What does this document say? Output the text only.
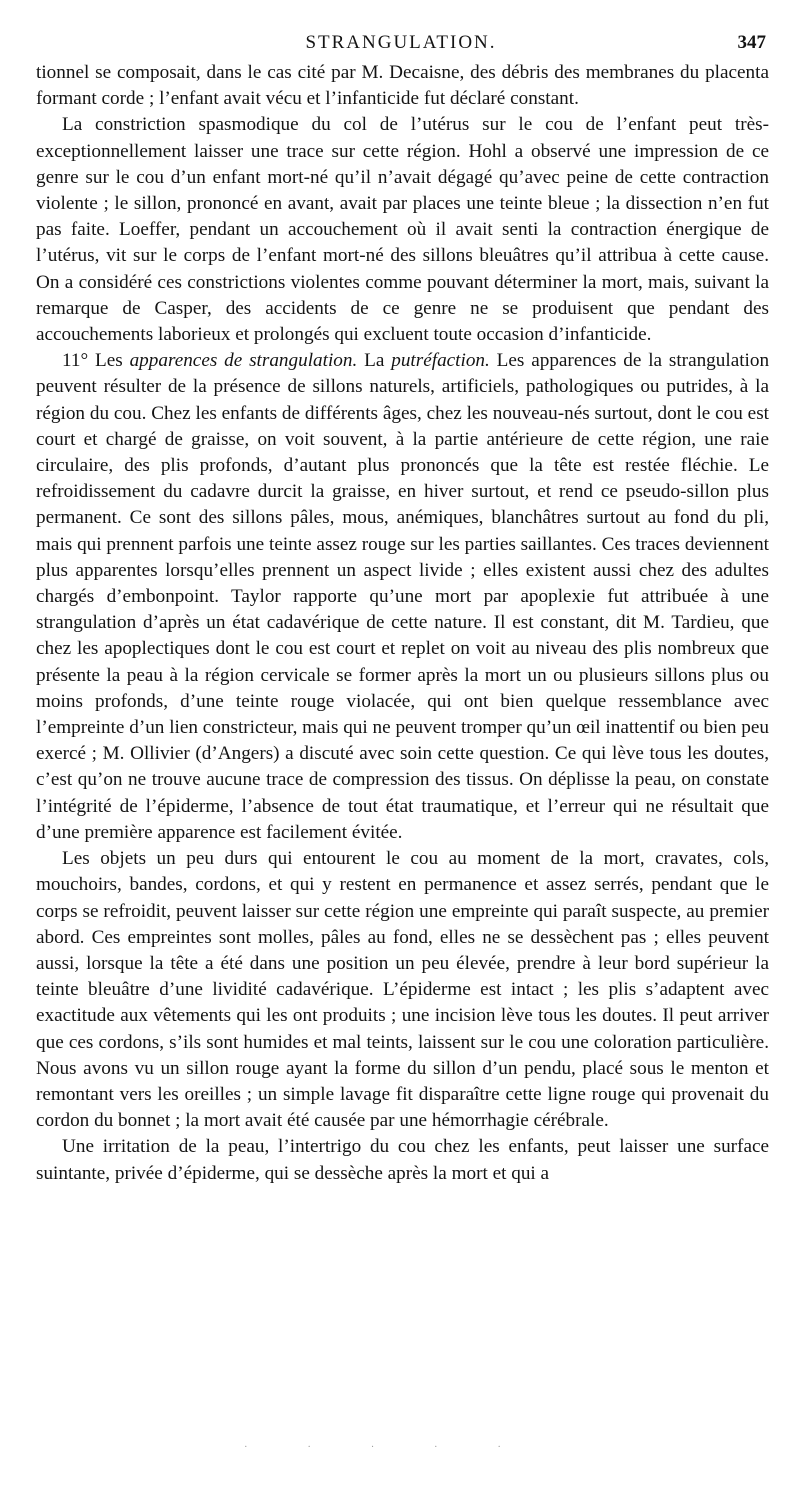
STRANGULATION.	347

tionnel se composait, dans le cas cité par M. Decaisne, des débris des membranes du placenta formant corde ; l’enfant avait vécu et l’infanticide fut déclaré constant.

La constriction spasmodique du col de l’utérus sur le cou de l’enfant peut très-exceptionnellement laisser une trace sur cette région. Hohl a observé une impression de ce genre sur le cou d’un enfant mort-né qu’il n’avait dégagé qu’avec peine de cette contraction violente ; le sillon, prononcé en avant, avait par places une teinte bleue ; la dissection n’en fut pas faite. Loeffer, pendant un accouchement où il avait senti la contraction énergique de l’utérus, vit sur le corps de l’enfant mort-né des sillons bleuâtres qu’il attribua à cette cause. On a considéré ces constrictions violentes comme pouvant déterminer la mort, mais, suivant la remarque de Casper, des accidents de ce genre ne se produisent que pendant des accouchements laborieux et prolongés qui excluent toute occasion d’infanticide.

11° Les apparences de strangulation. La putréfaction. Les apparences de la strangulation peuvent résulter de la présence de sillons naturels, artificiels, pathologiques ou putrides, à la région du cou. Chez les enfants de différents âges, chez les nouveau-nés surtout, dont le cou est court et chargé de graisse, on voit souvent, à la partie antérieure de cette région, une raie circulaire, des plis profonds, d’autant plus prononcés que la tête est restée fléchie. Le refroidissement du cadavre durcit la graisse, en hiver surtout, et rend ce pseudo-sillon plus permanent. Ce sont des sillons pâles, mous, anémiques, blanchâtres surtout au fond du pli, mais qui prennent parfois une teinte assez rouge sur les parties saillantes. Ces traces deviennent plus apparentes lorsqu’elles prennent un aspect livide ; elles existent aussi chez des adultes chargés d’embonpoint. Taylor rapporte qu’une mort par apoplexie fut attribuée à une strangulation d’après un état cadavérique de cette nature. Il est constant, dit M. Tardieu, que chez les apoplectiques dont le cou est court et replet on voit au niveau des plis nombreux que présente la peau à la région cervicale se former après la mort un ou plusieurs sillons plus ou moins profonds, d’une teinte rouge violacée, qui ont bien quelque ressemblance avec l’empreinte d’un lien constricteur, mais qui ne peuvent tromper qu’un œil inattentif ou bien peu exercé ; M. Ollivier (d’Angers) a discuté avec soin cette question. Ce qui lève tous les doutes, c’est qu’on ne trouve aucune trace de compression des tissus. On déplisse la peau, on constate l’intégrité de l’épiderme, l’absence de tout état traumatique, et l’erreur qui ne résultait que d’une première apparence est facilement évitée.

Les objets un peu durs qui entourent le cou au moment de la mort, cravates, cols, mouchoirs, bandes, cordons, et qui y restent en permanence et assez serrés, pendant que le corps se refroidit, peuvent laisser sur cette région une empreinte qui paraît suspecte, au premier abord. Ces empreintes sont molles, pâles au fond, elles ne se dessèchent pas ; elles peuvent aussi, lorsque la tête a été dans une position un peu élevée, prendre à leur bord supérieur la teinte bleuâtre d’une lividité cadavérique. L’épiderme est intact ; les plis s’adaptent avec exactitude aux vêtements qui les ont produits ; une incision lève tous les doutes. Il peut arriver que ces cordons, s’ils sont humides et mal teints, laissent sur le cou une coloration particulière. Nous avons vu un sillon rouge ayant la forme du sillon d’un pendu, placé sous le menton et remontant vers les oreilles ; un simple lavage fit disparaître cette ligne rouge qui provenait du cordon du bonnet ; la mort avait été causée par une hémorrhagie cérébrale.

Une irritation de la peau, l’intertrigo du cou chez les enfants, peut laisser une surface suintante, privée d’épiderme, qui se dessèche après la mort et qui a

·····
